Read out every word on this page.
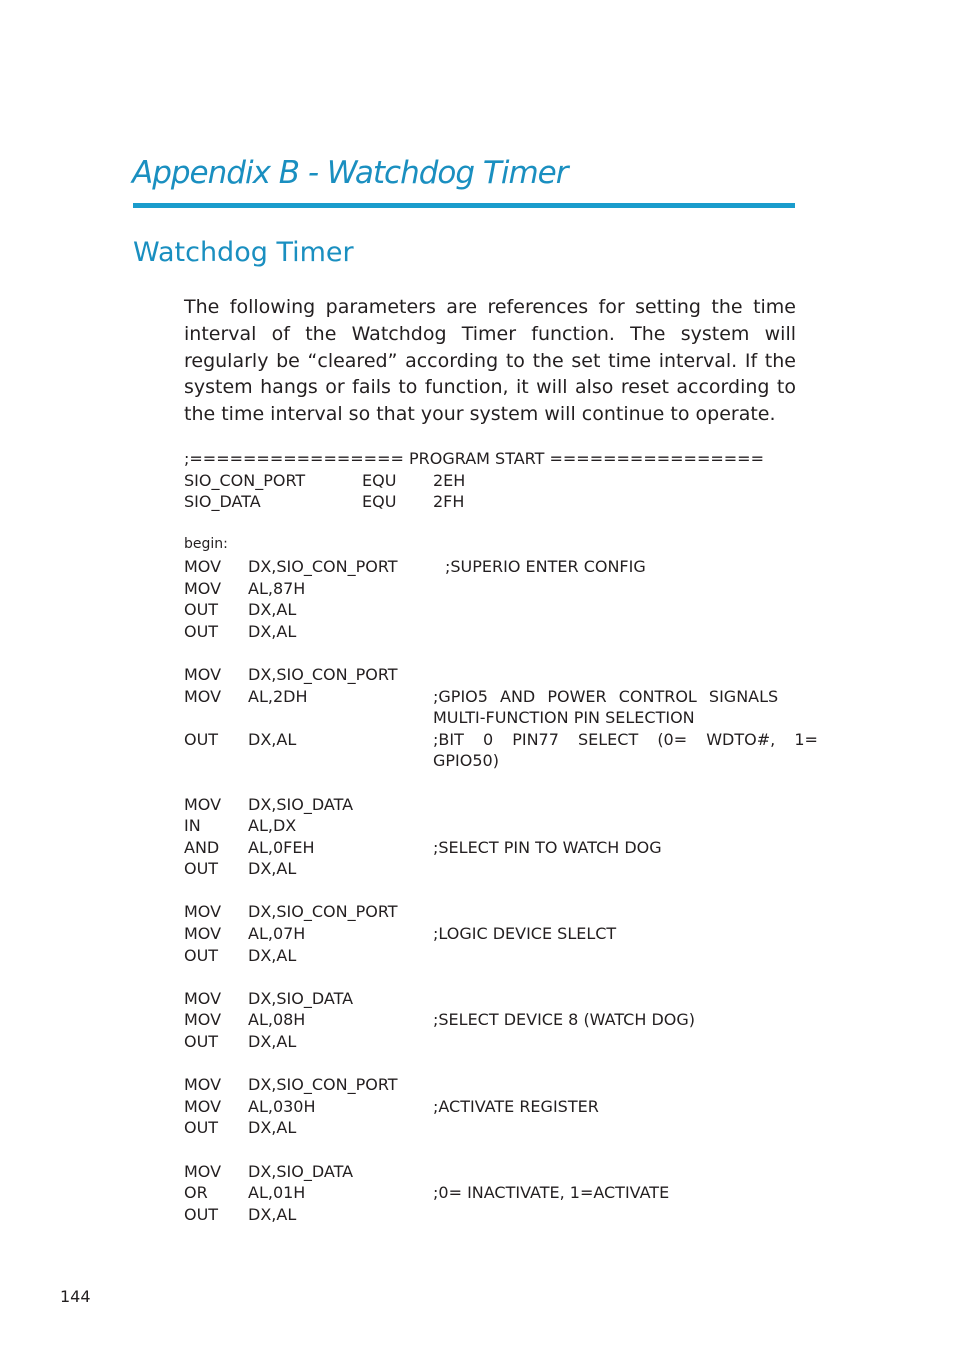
Appendix B - Watchdog Timer
Watchdog Timer

The following parameters are references for setting the time interval of the Watchdog Timer function. The system will regularly be “cleared” according to the set time interval. If the system hangs or fails to function, it will also reset according to the time interval so that your system will continue to operate.

;================ PROGRAM START ================
SIO_CON_PORT	EQU 2EH
SIO_DATA	EQU 2FH
begin:
MOV DX,SIO_CON_PORT	;SUPERIO ENTER CONFIG
MOV AL,87H
OUT DX,AL
OUT DX,AL
MOV DX,SIO_CON_PORT
MOV AL,2DH	;GPIO5 AND POWER CONTROL SIGNALS
MULTI-FUNCTION PIN SELECTION
OUT DX,AL	;BIT 0 PIN77 SELECT (0= WDTO#, 1=
GPIO50)
MOV DX,SIO_DATA
IN	AL,DX
AND AL,0FEH	;SELECT PIN TO WATCH DOG
OUT DX,AL
MOV DX,SIO_CON_PORT
MOV AL,07H	;LOGIC DEVICE SLELCT
OUT DX,AL
MOV DX,SIO_DATA
MOV AL,08H	;SELECT DEVICE 8 (WATCH DOG)
OUT DX,AL
MOV DX,SIO_CON_PORT
MOV AL,030H	;ACTIVATE REGISTER
OUT DX,AL
MOV DX,SIO_DATA
OR	AL,01H	;0= INACTIVATE, 1=ACTIVATE
OUT DX,AL
144
